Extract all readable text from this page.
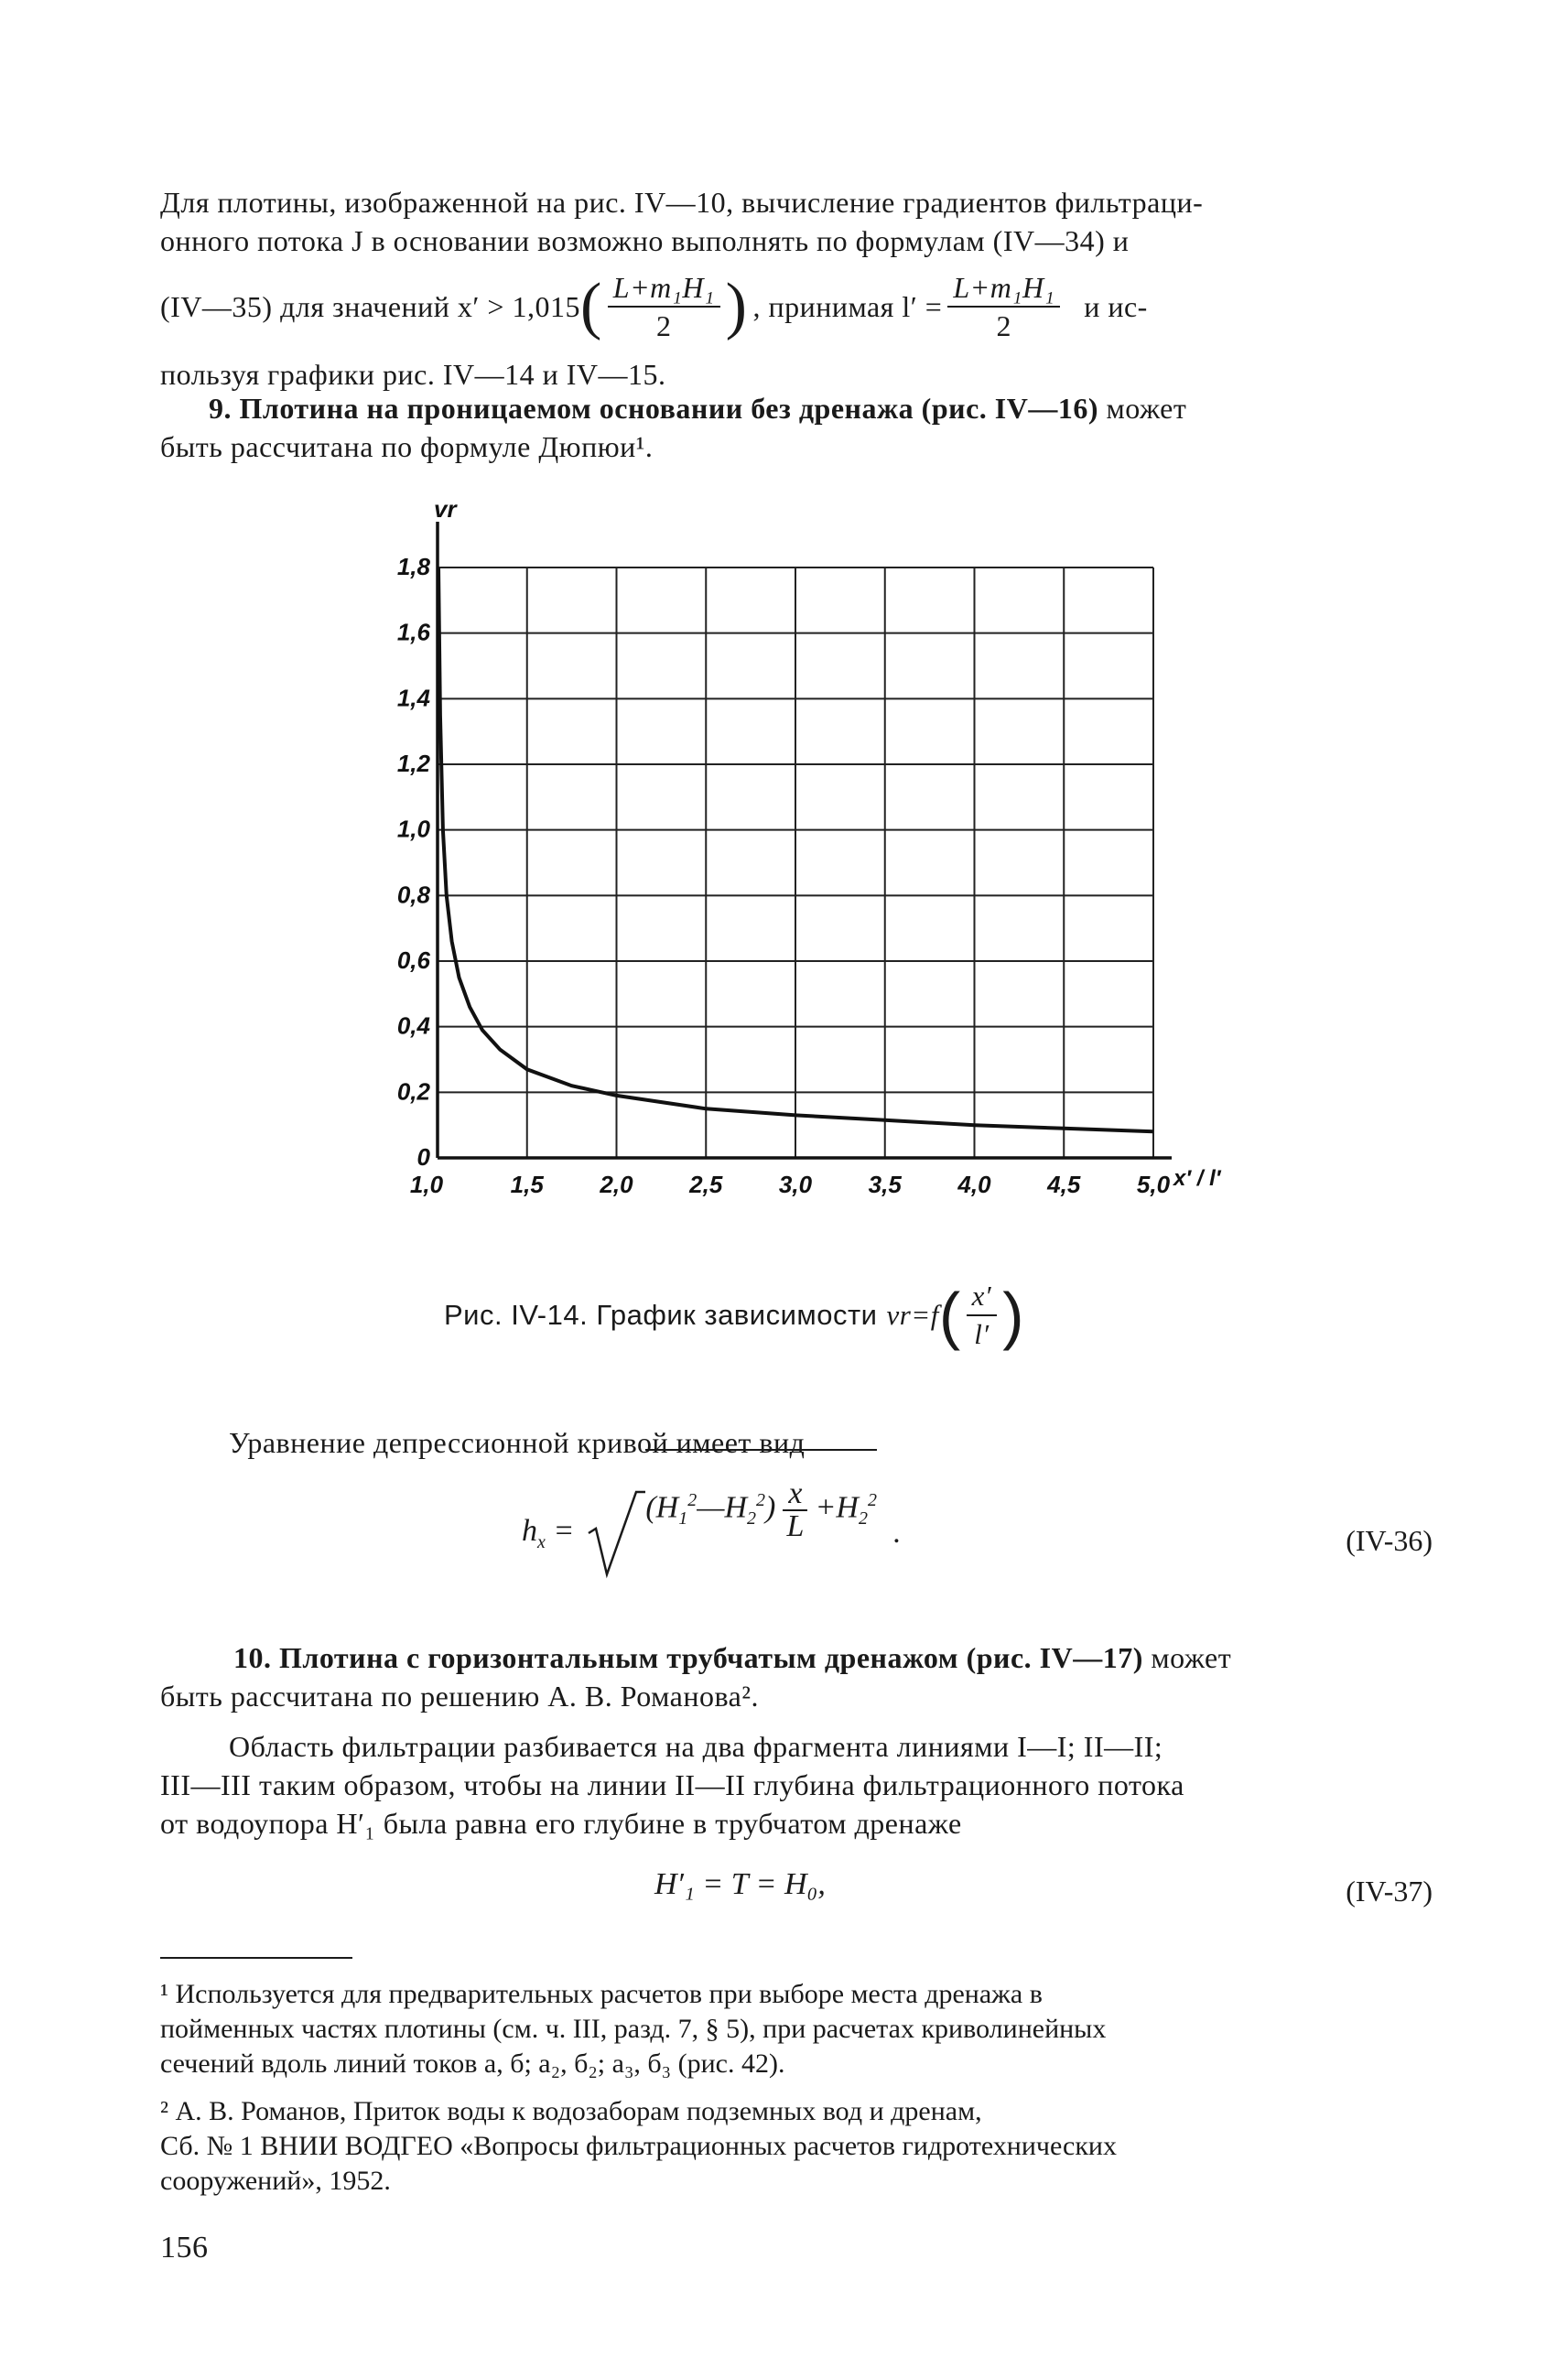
Для плотины, изображенной на рис. IV—10, вычисление градиентов фильтраци-
онного потока J в основании возможно выполнять по формулам (IV—34) и
(IV—35) для значений x′ > 1,015 ( $\frac{\text{L+m₁H₁}}{2}$ ) , принимая $l' = \frac{\text{L+m₁H₁}}{2}$ и ис-
пользуя графики рис. IV—14 и IV—15.
9. Плотина на проницаемом основании без дренажа (рис. IV—16) может
быть рассчитана по формуле Дюпюи¹.
1,0	1,5 2,0 2,5 3,0 3,5 4,0 4,5 5,0
0
0,2
0,4
0,6
0,8
1,0
1,2
1,4
1,6
1,8
vr
x′ / l′
Рис. IV-14. График зависимости vr=f ( $\frac{x'}{l'}$ )
Уравнение депрессионной кривой имеет вид
$h_x$ =
$(H_1^2—H_2^2) \frac{x}{L} +H_2^2$
.	(IV-36)
10. Плотина с горизонтальным трубчатым дренажом (рис. IV—17) может
быть рассчитана по решению А. В. Романова².
Область фильтрации разбивается на два фрагмента линиями I—I; II—II;
III—III таким образом, чтобы на линии II—II глубина фильтрационного потока
от водоупора H′₁ была равна его глубине в трубчатом дренаже
H′₁ = T = H₀,	(IV-37)
¹ Используется для предварительных расчетов при выборе места дренажа в
пойменных частях плотины (см. ч. III, разд. 7, § 5), при расчетах криволинейных
сечений вдоль линий токов а, б; а₂, б₂; а₃, б₃ (рис. 42).
² А. В. Романов, Приток воды к водозаборам подземных вод и дренам,
Сб. № 1 ВНИИ ВОДГЕО «Вопросы фильтрационных расчетов гидротехнических
сооружений», 1952.
156
